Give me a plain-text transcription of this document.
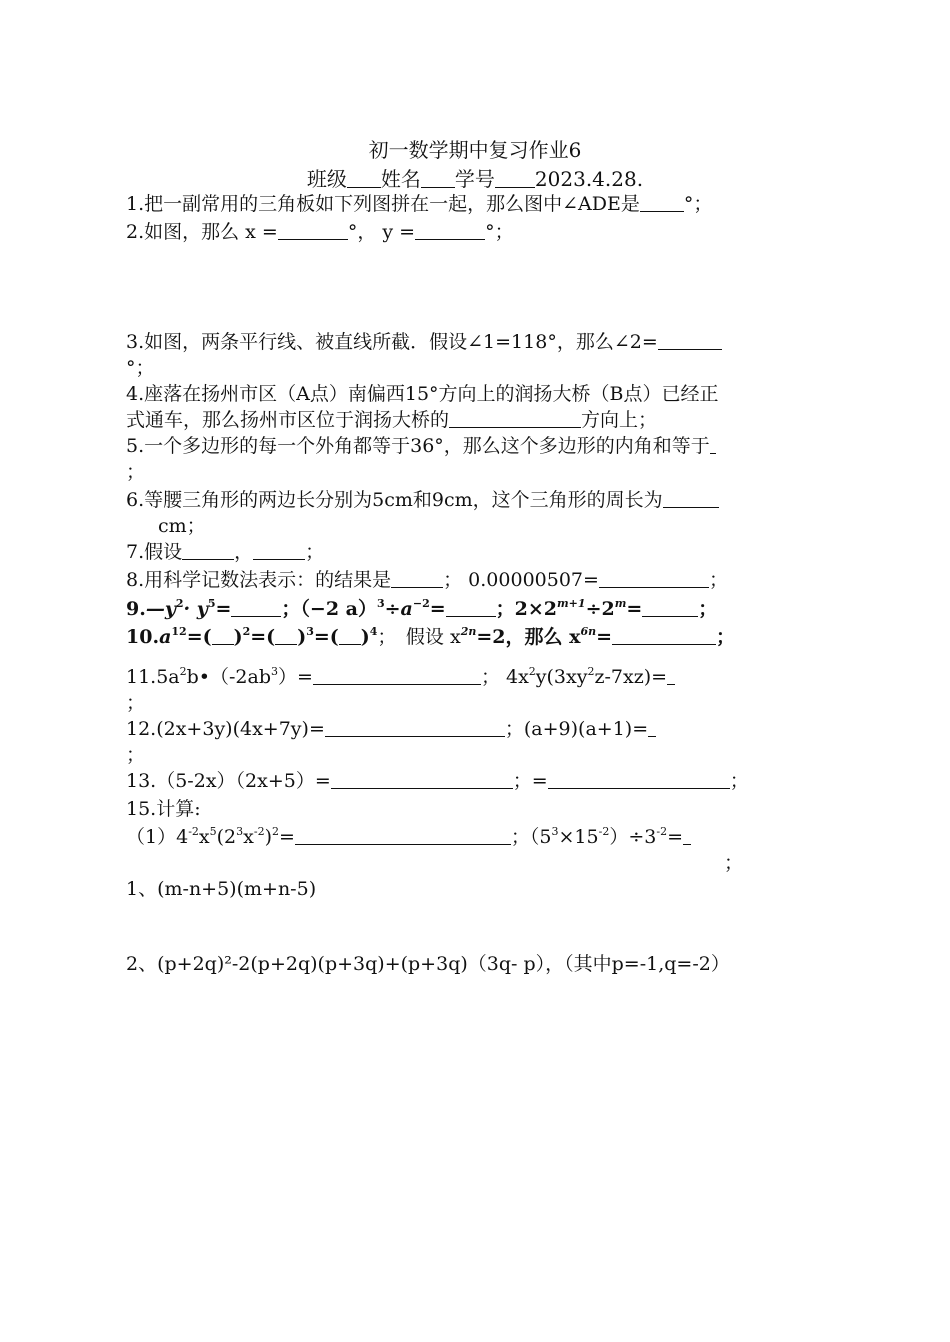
初一数学期中复习作业6
班级 姓名 学号 2023.4.28.
1.把一副常用的三角板如下列图拼在一起，那么图中∠ADE是 °；
2.如图，那么 x =	°， y =	°；
3.如图，两条平行线、被直线所截．假设∠1=118°，那么∠2=
°；
4.座落在扬州市区（A点）南偏西15°方向上的润扬大桥（B点）已经正
式通车，那么扬州市区位于润扬大桥的	方向上；
5.一个多边形的每一个外角都等于36°，那么这个多边形的内角和等于
；
6.等腰三角形的两边长分别为5cm和9cm，这个三角形的周长为
cm；
7.假设	，	；
8.用科学记数法表示：的结果是	； 0.00000507=	；
$9.—y^2\cdot y^5=$	；（−2 $a)^3\div a^{-2}=$	；$2\times 2^{m+1}\div 2^m=$	；
$10.a^{12}=$( )$^2$=( )$^3$=( )$^4$；　假设 $x^{2n}=2$，那么 $x^{6n}=$	；
$11.5a^2b•(-2ab^3)=$	； $4x^2y(3xy^2z-7xz)=$
；
12.(2x+3y)(4x+7y)=	；(a+9)(a+1)=
；
13.（5-2x）（2x+5）=	；=	；
15.计算:
$(1)4^{-2}x^5(2^3x^{-2})^2=$	；$(5^3\times 15^{-2})\div 3^{-2}=$
；
1、(m-n+5)(m+n-5)
2、(p+2q)²-2(p+2q)(p+3q)+(p+3q)（3q- p），（其中p=-1,q=-2）
